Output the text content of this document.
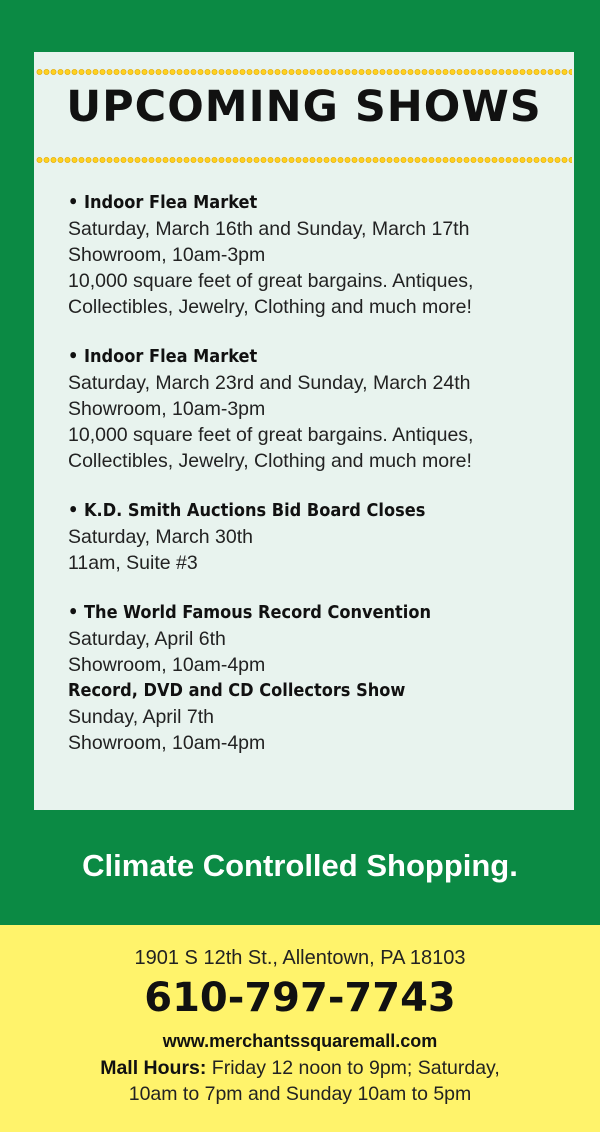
UPCOMING SHOWS
• Indoor Flea Market
Saturday, March 16th and Sunday, March 17th
Showroom, 10am-3pm
10,000 square feet of great bargains. Antiques,
Collectibles, Jewelry, Clothing and much more!
• Indoor Flea Market
Saturday, March 23rd and Sunday, March 24th
Showroom, 10am-3pm
10,000 square feet of great bargains. Antiques,
Collectibles, Jewelry, Clothing and much more!
• K.D. Smith Auctions Bid Board Closes
Saturday, March 30th
11am, Suite #3
• The World Famous Record Convention
Saturday, April 6th
Showroom, 10am-4pm
Record, DVD and CD Collectors Show
Sunday, April 7th
Showroom, 10am-4pm
Climate Controlled Shopping.
1901 S 12th St., Allentown, PA 18103
610-797-7743
www.merchantssquaremall.com
Mall Hours: Friday 12 noon to 9pm; Saturday,
10am to 7pm and Sunday 10am to 5pm
